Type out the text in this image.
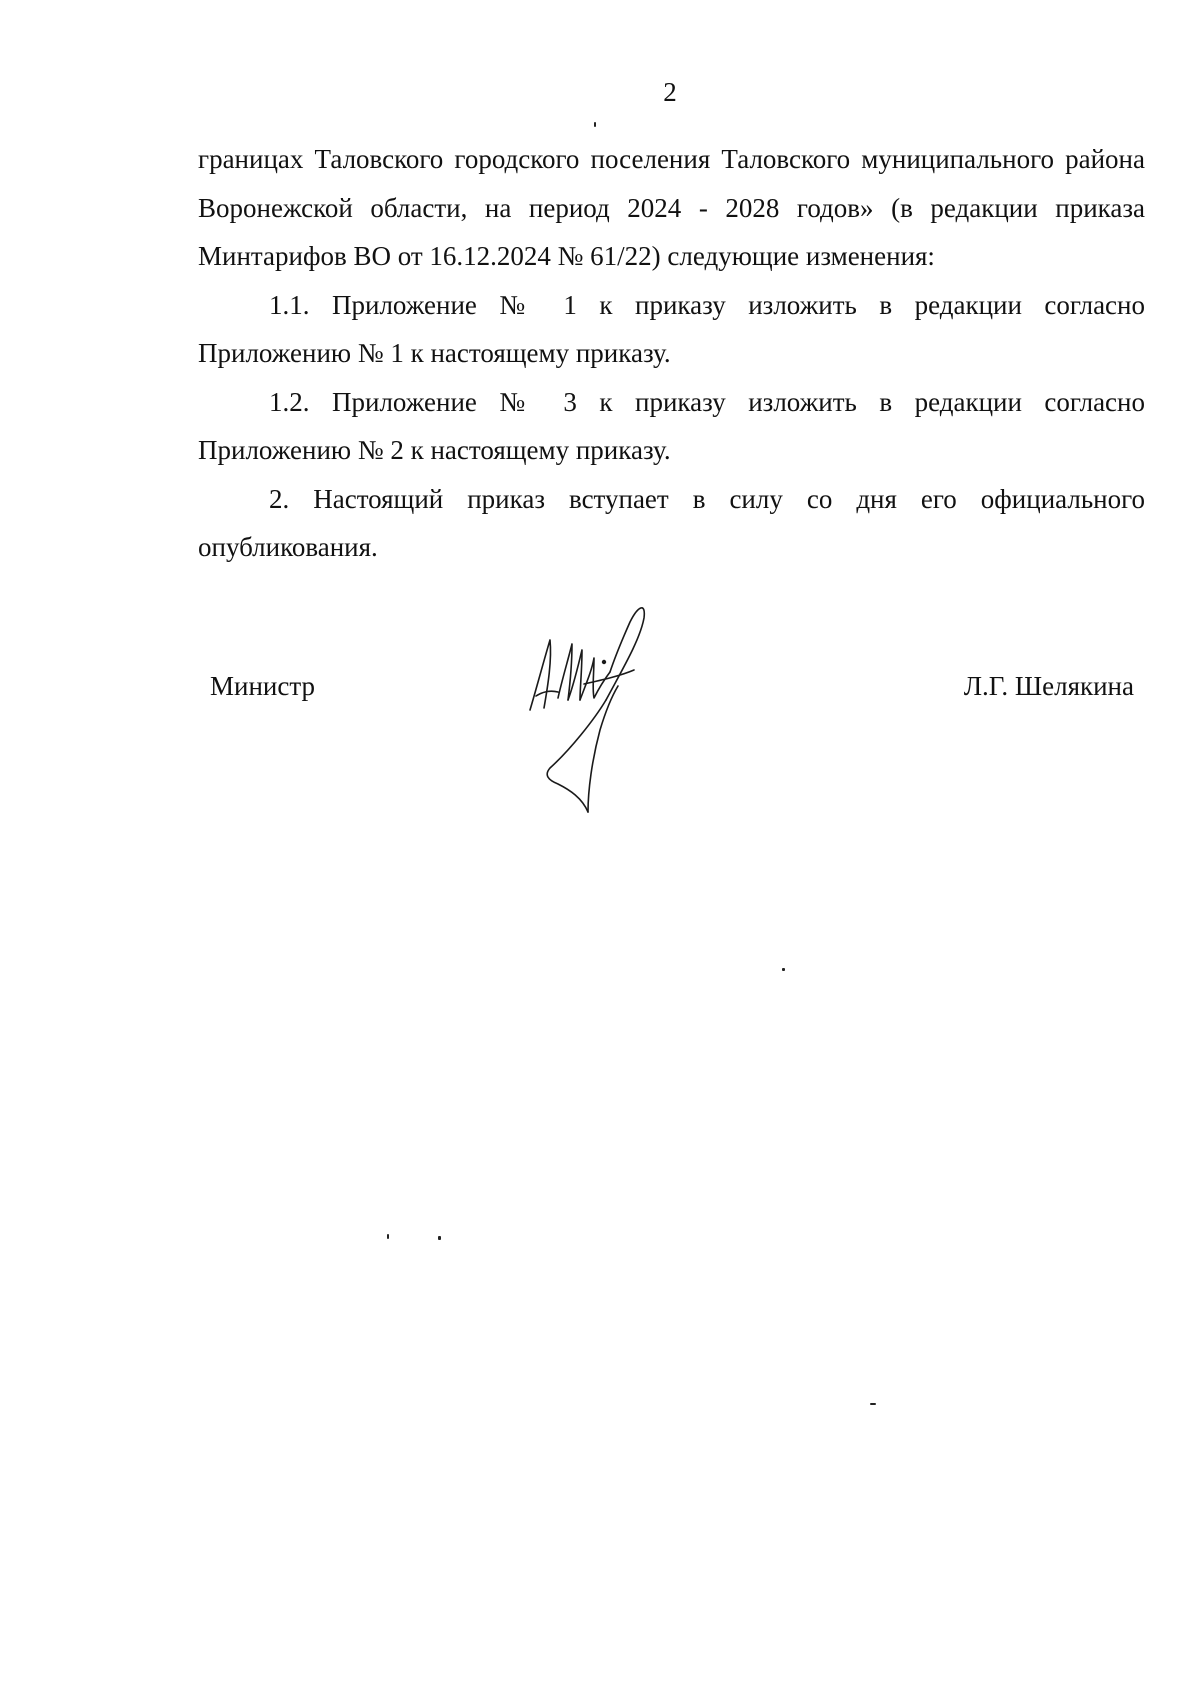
2

границах Таловского городского поселения Таловского муниципального района Воронежской области, на период 2024 - 2028 годов» (в редакции приказа Минтарифов ВО от 16.12.2024 № 61/22) следующие изменения:

1.1. Приложение № 1 к приказу изложить в редакции согласно Приложению № 1 к настоящему приказу.

1.2. Приложение № 3 к приказу изложить в редакции согласно Приложению № 2 к настоящему приказу.

2. Настоящий приказ вступает в силу со дня его официального опубликования.

Министр	Л.Г. Шелякина
